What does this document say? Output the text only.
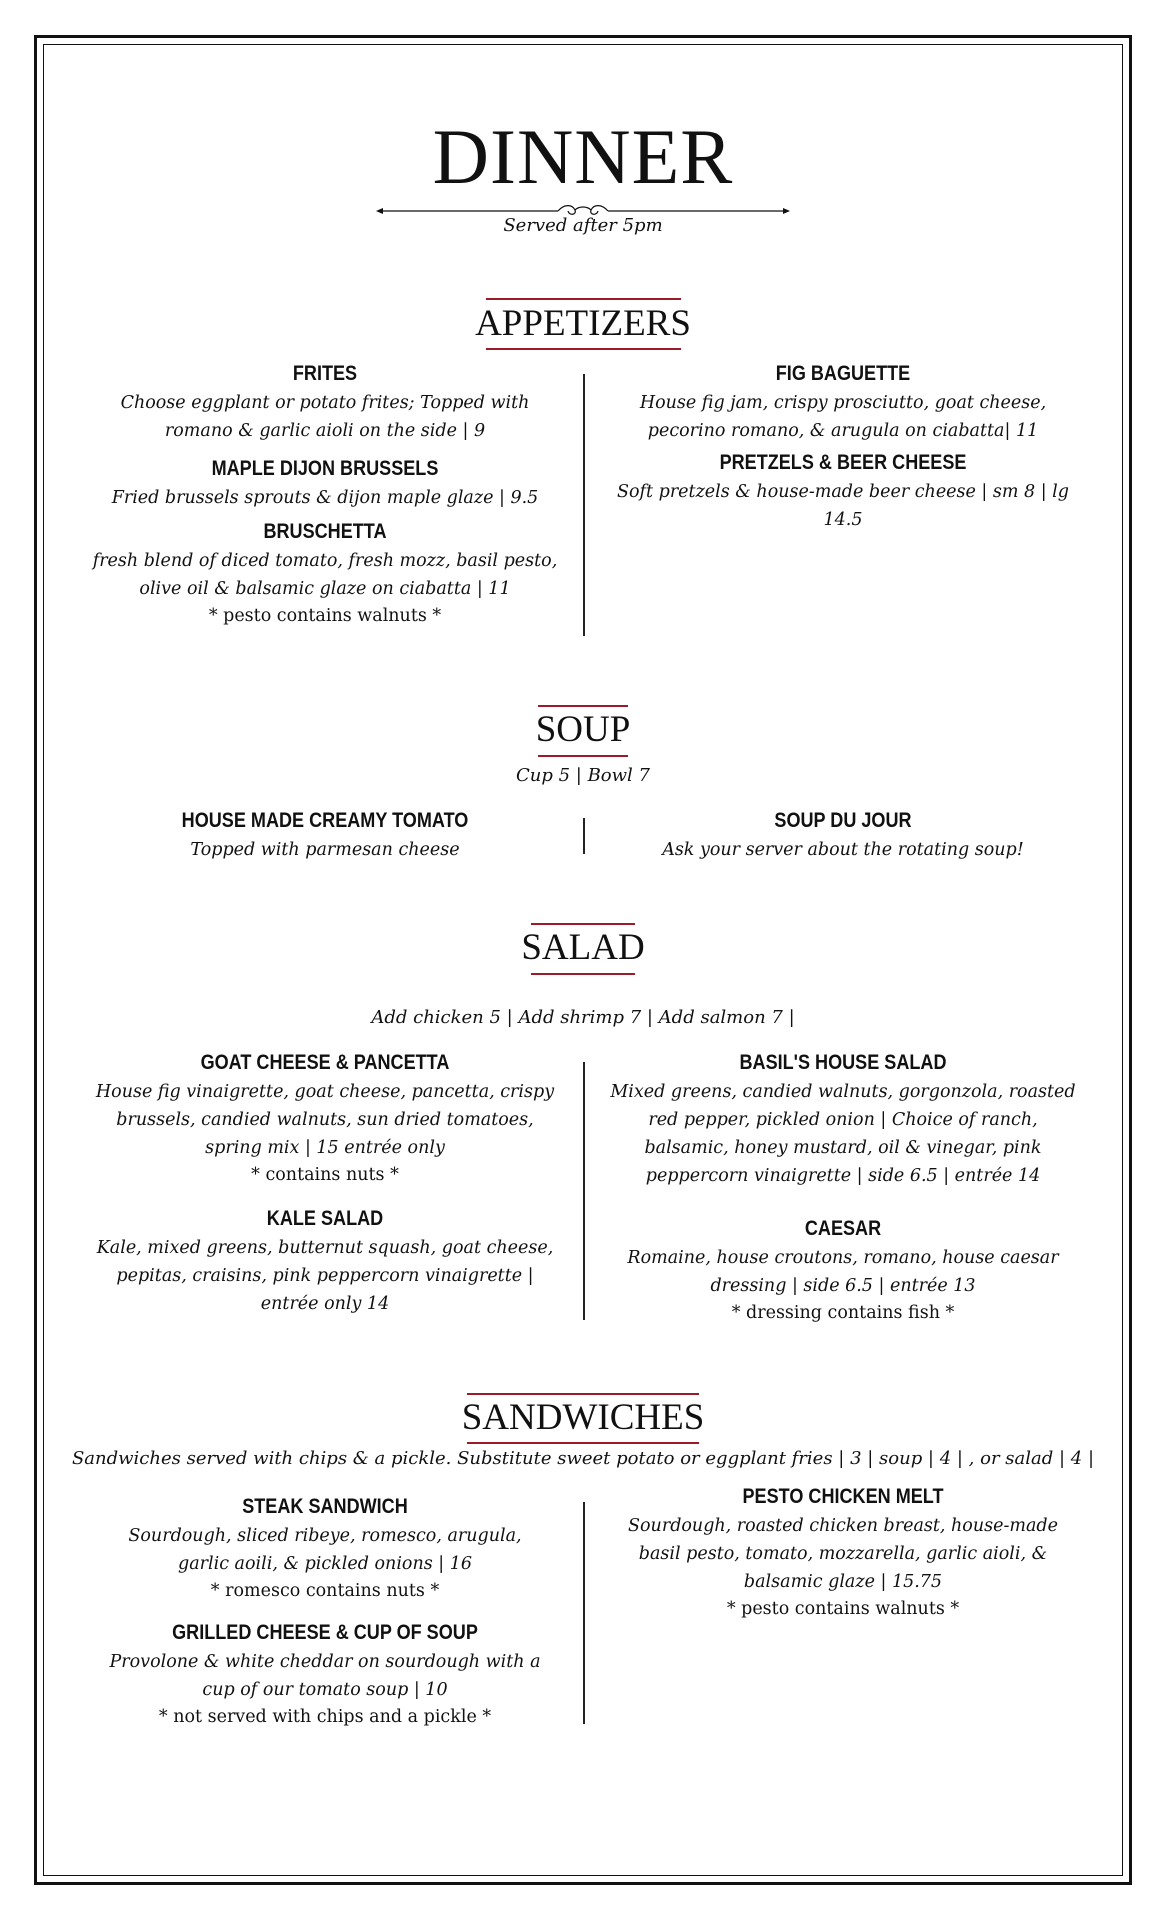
DINNER
Served after 5pm
APPETIZERS
FRITES
Choose eggplant or potato frites; Topped with romano & garlic aioli on the side | 9
MAPLE DIJON BRUSSELS
Fried brussels sprouts & dijon maple glaze | 9.5
BRUSCHETTA
fresh blend of diced tomato, fresh mozz, basil pesto, olive oil & balsamic glaze on ciabatta | 11
* pesto contains walnuts *
FIG BAGUETTE
House fig jam, crispy prosciutto, goat cheese, pecorino romano, & arugula on ciabatta| 11
PRETZELS & BEER CHEESE
Soft pretzels & house-made beer cheese | sm 8 | lg 14.5
SOUP
Cup 5 | Bowl 7
HOUSE MADE CREAMY TOMATO
Topped with parmesan cheese
SOUP DU JOUR
Ask your server about the rotating soup!
SALAD
Add chicken 5 | Add shrimp 7 | Add salmon 7 |
GOAT CHEESE & PANCETTA
House fig vinaigrette, goat cheese, pancetta, crispy brussels, candied walnuts, sun dried tomatoes, spring mix | 15 entrée only
* contains nuts *
KALE SALAD
Kale, mixed greens, butternut squash, goat cheese, pepitas, craisins, pink peppercorn vinaigrette | entrée only 14
BASIL'S HOUSE SALAD
Mixed greens, candied walnuts, gorgonzola, roasted red pepper, pickled onion | Choice of ranch, balsamic, honey mustard, oil & vinegar, pink peppercorn vinaigrette | side 6.5 | entrée 14
CAESAR
Romaine, house croutons, romano, house caesar dressing | side 6.5 | entrée 13
* dressing contains fish *
SANDWICHES
Sandwiches served with chips & a pickle. Substitute sweet potato or eggplant fries | 3 | soup | 4 | , or salad | 4 |
STEAK SANDWICH
Sourdough, sliced ribeye, romesco, arugula, garlic aoili, & pickled onions | 16
* romesco contains nuts *
GRILLED CHEESE & CUP OF SOUP
Provolone & white cheddar on sourdough with a cup of our tomato soup | 10
* not served with chips and a pickle *
PESTO CHICKEN MELT
Sourdough, roasted chicken breast, house-made basil pesto, tomato, mozzarella, garlic aioli, & balsamic glaze | 15.75
* pesto contains walnuts *
